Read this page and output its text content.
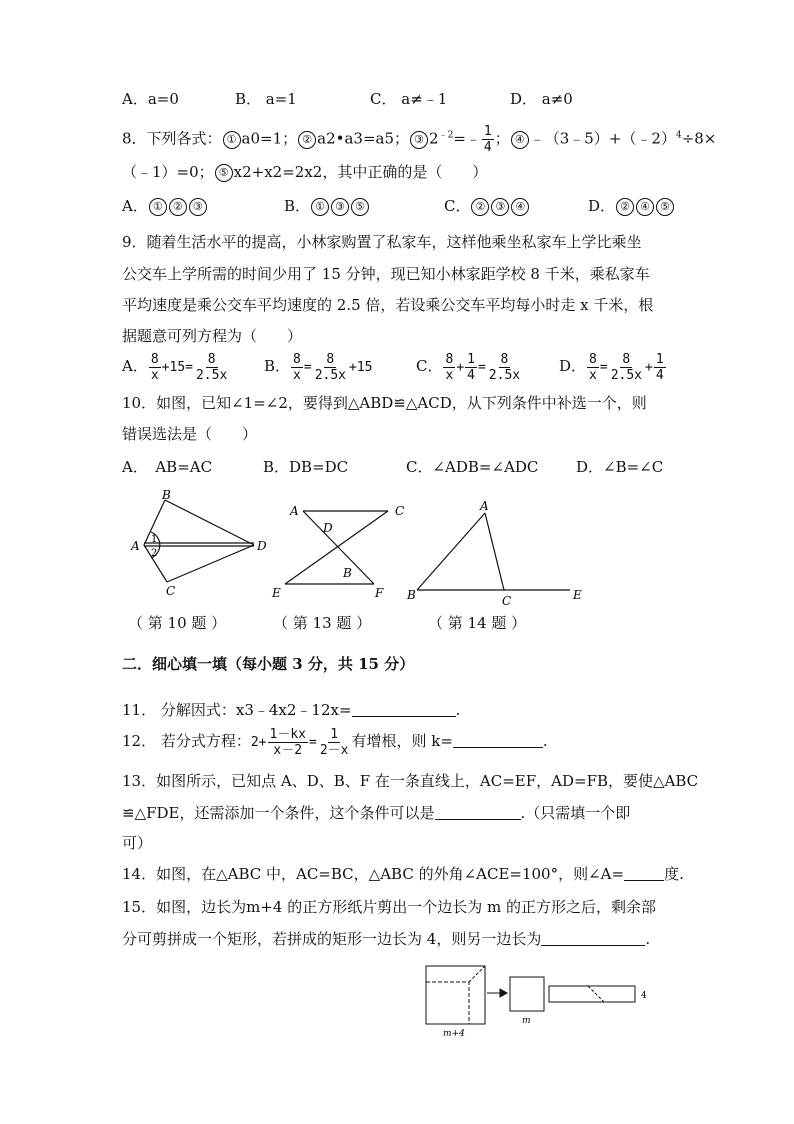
A．a=0	B． a=1	C． a≠﹣1	D． a≠0
8．下列各式： ① a0=1； ② a2•a3=a5； ③ $2^{﹣2}=﹣ \frac{1}{4}$ ； ④ ﹣（3﹣5）+（﹣2）$^4$÷8×
（﹣1）=0； ⑤ x2+x2=2x2，其中正确的是（　　）
A． ① ② ③	B． ① ③ ⑤	C． ② ③ ④	D． ② ④ ⑤
9．随着生活水平的提高，小林家购置了私家车，这样他乘坐私家车上学比乘坐
公交车上学所需的时间少用了 15 分钟，现已知小林家距学校 8 千米，乘私家车
平均速度是乘公交车平均速度的 2.5 倍，若设乘公交车平均每小时走 x 千米，根
据题意可列方程为（　　）
A． $\frac{8}{x} +15= \frac{8}{2.5x}$ B． $\frac{8}{x} = \frac{8}{2.5x} +15$	C． $\frac{8}{x} + \frac{1}{4} = \frac{8}{2.5x}$ D． $\frac{8}{x} = \frac{8}{2.5x} + \frac{1}{4}$
10．如图，已知∠1=∠2，要得到△ABD≌△ACD，从下列条件中补选一个，则
错误选法是（　　）
A．　AB=AC	B．DB=DC	C．∠ADB=∠ADC	D．∠B=∠C
B
A	D
C
1
2
A	C
D
B
E	F
A
B	C	E
（ 第 10 题 ）	（ 第 13 题 ）	（ 第 14 题 ）
二．细心填一填（每小题 3 分，共 15 分）
11． 分解因式：x3﹣4x2﹣12x=	.
12． 若分式方程：$2+ \frac{1-kx}{x-2} = \frac{1}{2-x}$ 有增根，则 k=	.
13．如图所示，已知点 A、D、B、F 在一条直线上，AC=EF，AD=FB，要使△ABC
≌△FDE，还需添加一个条件，这个条件可以是	.（只需填一个即
可）
14．如图，在△ABC 中，AC=BC，△ABC 的外角∠ACE=100°，则∠A=	度.
15．如图，边长为m+4 的正方形纸片剪出一个边长为 m 的正方形之后，剩余部
分可剪拼成一个矩形，若拼成的矩形一边长为 4，则另一边长为	.
m+4
m
4
